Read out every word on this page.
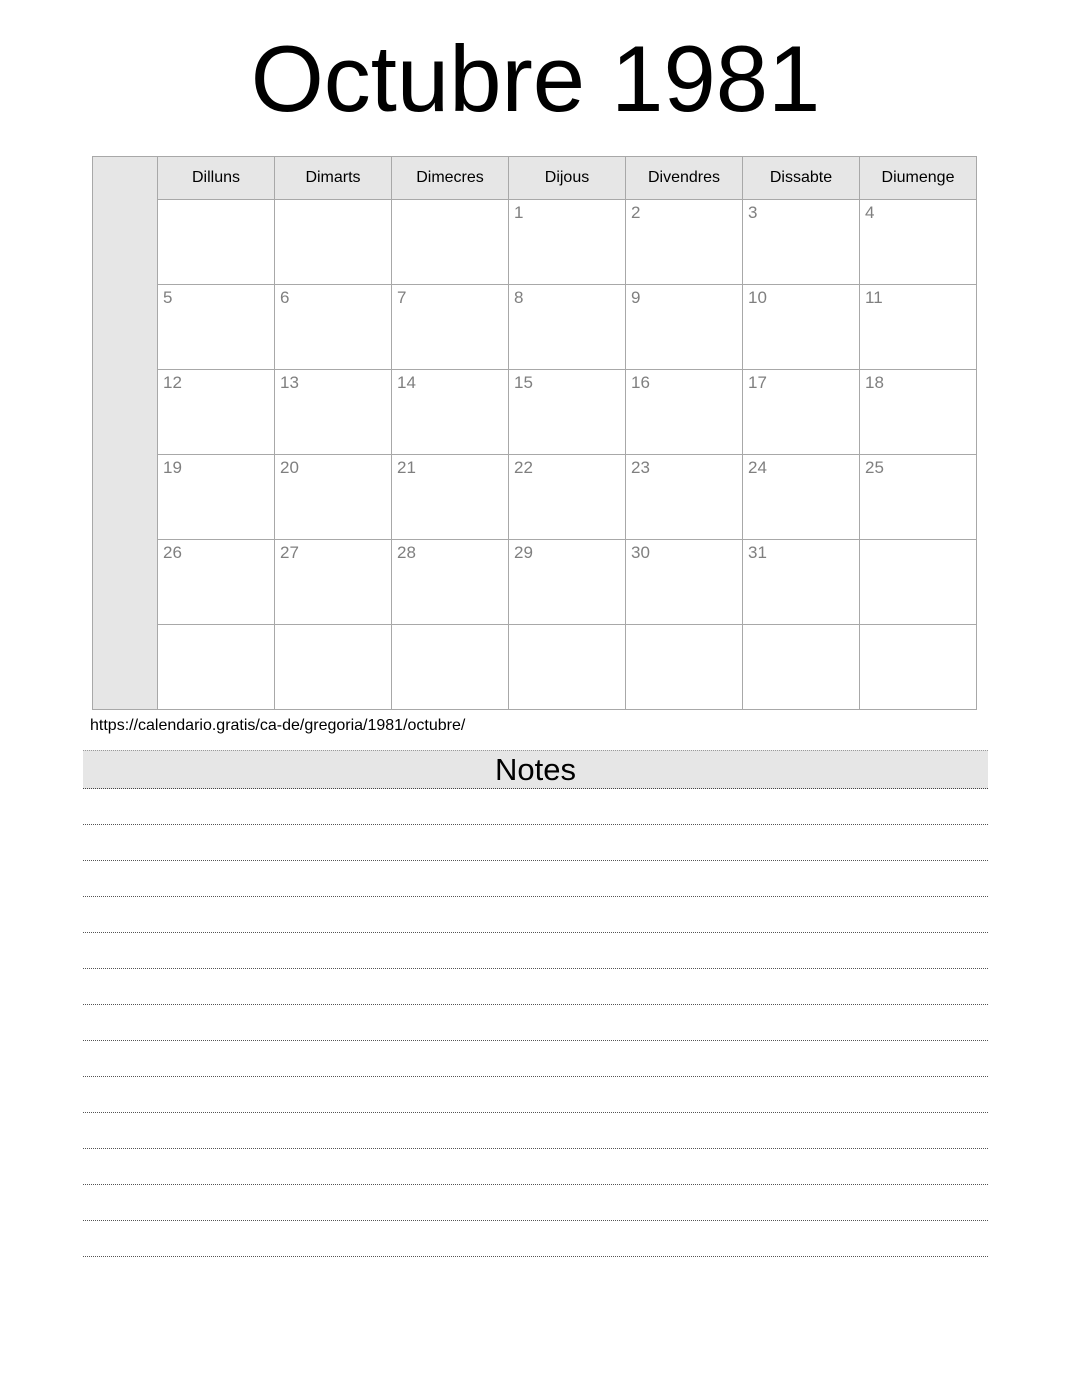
Octubre 1981
	Dilluns	Dimarts	Dimecres	Dijous	Divendres	Dissabte	Diumenge
				1	2	3	4
	5	6	7	8	9	10	11
	12	13	14	15	16	17	18
	19	20	21	22	23	24	25
	26	27	28	29	30	31	

https://calendario.gratis/ca-de/gregoria/1981/octubre/
Notes
